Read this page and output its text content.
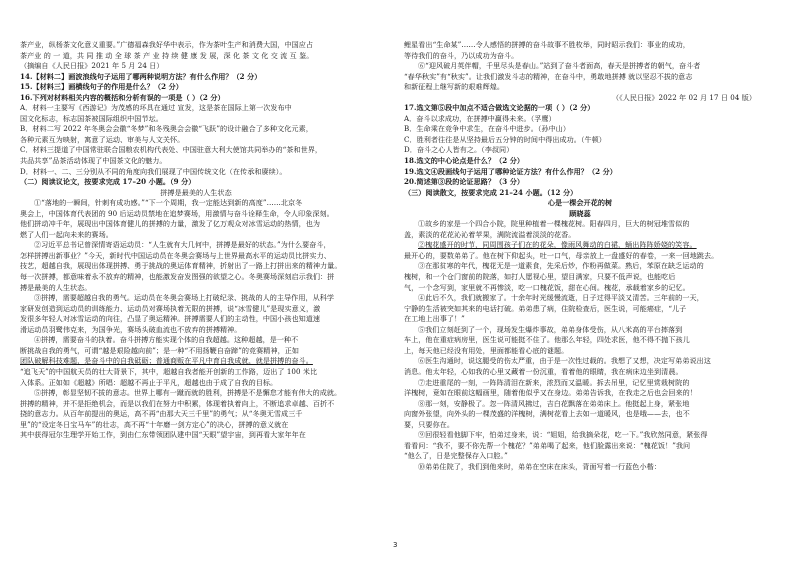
茶产业，纵杨茶文化意义重要。”广德福森我好华中表示，作为茶叶生产和消费大国，中国应占

茶产业 的 一 道，共 同 推 动 全 球 茶 产 业 持 续 健 康 发 展，深 化 茶 文 化 交 流 互 鉴。

（摘编自《人民日报》2021 年 5 月 24 日）

14.【材料二】画波浪线句子运用了哪两种说明方法？有什么作用？（2 分）

15.【材料三】画横线句子的作用是什么？（2 分）

16.下列对材料相关内容的概括和分析有误的一项是（ ）（2 分）

A．材料一主要写《西游记》为茂感的坏具在通过 宣发，这是茶在国际上第一次发布中

国文化标志，标志国茶被国际组织中国节坛。

B．材料二写 2022 年冬奥会会徽“冬梦”和冬残奥会会徽“飞跃”的设计融合了多种文化元素，

各种元素互为映射，寓意了运动、审美与人文关怀。

C．材料三提道了中国常驻联合国粮农机构代表处、中国驻意大利大使馆共同举办的“茶和世界，

共品共享”品茶活动体现了中国茶文化的魅力。

D．材料一、二、三分别从不同的角度向我们展现了中国传统文化（在传承和赓续）。

（二）阅读议论文，按要求完成 17–20 小题。（9 分）

拼搏是最美的人生状态

①“落地的一瞬间，针刺有成功感。”“下一个周期，我一定能达到新的高度”……北京冬

奥会上，中国体育代表团的 90 后运动员禁地在追梦赛场，用激情与奋斗诠释生命，令人印象深刻。

他们拼动冲千年，展现出中国体育健儿的拼搏的力量，激发了亿万观众对冰雪运动的热情，也为

燃了人们一起向未来的赛场。

②习近平总书记曾深情寄语运动员：“人生就有大几何中，拼搏是最好的状态。”为什么要奋斗，

怎样拼搏出新事业？”今天，新时代中国运动员在冬奥会赛场与上世界最高水平的运动员比拼实力、

技艺，超越自我，展现出体现拼搏、勇于挑战的奥运体育精神，折射出了一路上打拼出来的精神力量。

每一次拼搏，都意味着永不放弃的精神，也能激发奋发图强的欲望之心。冬奥赛场深刻启示我们：拼

搏是最美的人生状态。

③拼搏，需要超越自我的勇气。运动员在冬奥会赛场上打破纪录、挑战的人的主导作用，从科学

家研发创造到运动员的训练能力、运动员对赛场执着无限的拼搏，说“冰雪健儿”是现实意义，激

发很多年轻人对冰雪运动的向往，凸显了奥运精神。拼搏需要人们的主动性，中国小孩也知道速

滑运动员羽鹭伟克来，为国争光，赛场头破血流也不放弃的拼搏精神。

④拼搏，需要奋斗的执着。奋斗拼搏方能实现个体的自我超越。这种超越，是一种不

断挑战自我的勇气，可谓“越是艰险越向前”；是一种“不用扬鞭自奋蹄”的竞赛精神，正如

团队破解科技难题，是奋斗中的自我砥砺；普通商贩在平凡中育自我成就，就是拼搏的奋斗。

“追飞天”的中国航天员的壮大背景下，其中，超越自我者能开创新的工作路，迈出了 100 米比

入体系。正如如《超越》所唱：超越不再止于平凡，超越也由于成了自我的目标。

⑤拼搏，彰显坚韧不拔的意志。世界上哪有一蹴而就的胜利，拼搏是不是懈怠才能有伟大的成就。

拼搏的精神，并不是拒绝机会，而是以我们在努力中积累，体现着执着向上，不断追求卓越、百折不

挠的意志力。从百年前提出的奥运，高不再“由那大天三千里”的勇气；从“冬奥无雪成三千

里”的“设定冬日宝马车”的壮志，高不再“十年磨一剑方定心”的决心，拼搏的意义就在

其中获得冠尔生理学开始工作，到由仁东带领团队建中国“天眼”望宇宙，到再看大家年年在

鲤星看出“生命某”……令人感悟的拼搏的奋斗故事不胜枚举，同时昭示我们：事业的成功，

等待我们的奋斗，乃以成功为奋斗。

⑥“迎风破月英伴帽，千里尽头是春山。”站到了奋斗者面高，春天是拼搏者的朝气，奋斗者

“春华秋实”有“秋实”。让我们激发斗志的精神，在奋斗中，勇敢地拼搏 就以坚忍不拔的意志

和新征程上继写新的艰难辉煌。

（《人民日报》2022 年 02 月 17 日 04 版）

17.选文第⑤段中加点不适合做选文论据的一项（ ）（2 分）

A．奋斗以求成功，在拼搏中赢得未来。（孚鹰）

B．生命乘在竞争中求生，在奋斗中进步。（孙中山）

C．胜利者往往是从坚持最后五分钟的时间中得出成功。（牛顿）

D．奋斗之心人皆有之。（李叔同）

18.选文的中心论点是什么？（2 分）

19.选文④段画线句子运用了哪种论证方法？有什么作用？（2 分）

20.简述第③段的论证思路？（3 分）

（三）阅读散文，按要求完成 21–24 小题。（12 分）

心是一棵会开花的树

顾晓蕊

①故乡的家是一个四合小院，院里种植着一棵槐花树。阳春四月，巨大的树冠堆雪似的

盖，素淡的花花沁沁着苹果，满院流溢着淡淡的花香。

②槐花盛开的时节，同周围孩子们在的花朵，像雨风舞动的白裙，蛹出阵阵娇娆的笑容。

最开心的，要数弟弟了。他在树下仰起头，吐一口气，母亲放上一盘盛好的春卷，一来一回地跳去。

③在那贫寒的年代，槐花无是一道素食，先采后炒，作粉再做菜。熟后，苯原在缺乏运动的

槐树，和一个仓门窗前的院落，如打人愿视心里，望目满家，只要不低声说，也能吃后

气，一个念写到，家里就不再惨淡，吃一口槐花饭，甜在心间。槐花，承载着家乡的记忆。

④此后不久，我们就搬家了。十余年时光缓慢流逝，日子过得平淡又清苦。三年前的一天，

宁静的生活被突如其来的电话打破。弟弟患了病，住院检查后，医生说，可能癌症，“儿子

在工地上出事了！”

⑤我们立刻赶到了一个，现场发生爆炸事故，弟弟身体受伤，从八米高的平台摔落到

车上，他在重症病房里，医生说可能挺不住了。他那么年轻，四处求医，他不得不抛下孩儿

上，每天他已经没有用处，里面都能看心底的谜题。

⑥医生沟通时，说这腿受的伤太严重，由于是一次性过载的。我想了又想，决定写弟弟说出这

消息。他太年轻，心如我的心里又藏着一份沉重，看着他的眼睛，我在病床边坐到清晨。

⑦走进重尾的一刻，一阵阵清泪在新来，浓烈而又温暖。拆去吊里，记忆里赏栽树院的

洋槐树，竟如在眼前这幅画里，随着他似乎又在身边。弟弟告诉我，在我走之后也会回来的！

⑧那一刻，安静极了。忽一阵清风拂过，吉白花飘落在弟弟床上。他挺起上身，紧张地

向窗外张望，向外头的一棵茂盛的洋槐树，满树花看上去如一道暖风，也是哦——去，也不

要，只要你在。

⑨回很轻看他脚下牢，怕弟过身来，说：“姐姐，给我摘朵花，吃一下。”我欣然同意，紧张得

看看问：“我不，要不你先帮一个槐花？”弟弟喝了起来，他们脸露出来说：“槐花饭！”我问

“他么了，日是完整保存入口腔。”

⑩弟弟住院了，我们到他来时，弟弟在空床在床头，背面写着一行蓝色小楷：

3
